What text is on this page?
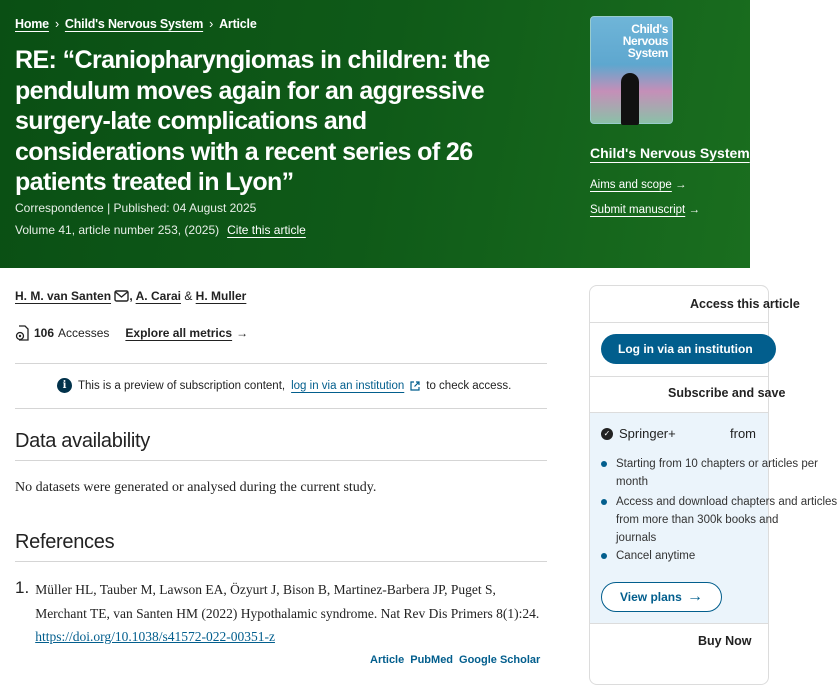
Home › Child's Nervous System › Article
RE: “Craniopharyngiomas in children: the pendulum moves again for an aggressive surgery-late complications and considerations with a recent series of 26 patients treated in Lyon”
Correspondence | Published: 04 August 2025
Volume 41, article number 253, (2025) Cite this article
Child's Nervous System
Child's Nervous System
Aims and scope →
Submit manuscript →
H. M. van Santen , A. Carai & H. Muller
106 Accesses Explore all metrics →
i	This is a preview of subscription content, log in via an institution to check access.
Data availability
No datasets were generated or analysed during the current study.
References
1. Müller HL, Tauber M, Lawson EA, Özyurt J, Bison B, Martinez-Barbera JP, Puget S, Merchant TE, van Santen HM (2022) Hypothalamic syndrome. Nat Rev Dis Primers 8(1):24. https://doi.org/10.1038/s41572-022-00351-z
Article PubMed Google Scholar
Access this article
Log in via an institution
Subscribe and save
✓ Springer+	from
Starting from 10 chapters or articles per
month
Access and download chapters and articles
from more than 300k books and
journals
Cancel anytime
View plans →
Buy Now
